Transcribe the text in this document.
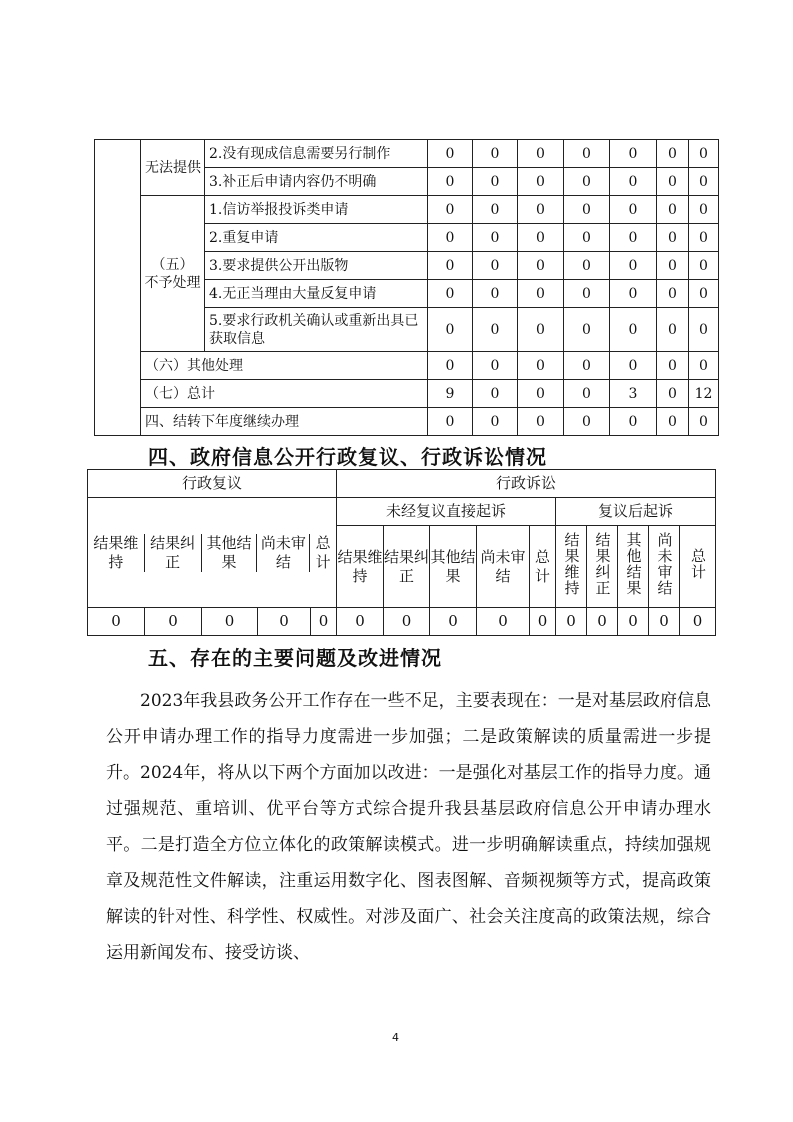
	无法提供	2.没有现成信息需要另行制作	0	0	0	0	0	0	0
		3.补正后申请内容仍不明确	0	0	0	0	0	0	0

	（五）
不予处理	1.信访举报投诉类申请	0	0	0	0	0	0	0
		2.重复申请	0	0	0	0	0	0	0
		3.要求提供公开出版物	0	0	0	0	0	0	0
		4.无正当理由大量反复申请	0	0	0	0	0	0	0
		5.要求行政机关确认或重新出具已获取信息	0	0	0	0	0	0	0
	（六）其他处理		0	0	0	0	0	0	0
	（七）总计		9	0	0	0	3	0	12
	四、结转下年度继续办理		0	0	0	0	0	0	0
四、政府信息公开行政复议、行政诉讼情况
行政复议	行政诉讼

结果维持	结果纠正	其他结果	尚未审结	总计
	未经复议直接起诉	复议后起诉
结果维持	结果纠正	其他结果	尚未审结	总计	结果维持	结果纠正	其他结果	尚未审结	总计
0	0	0	0	0	0	0	0	0	0	0	0	0	0	0
五、存在的主要问题及改进情况

2023年我县政务公开工作存在一些不足，主要表现在：一是对基层政府信息公开申请办理工作的指导力度需进一步加强；二是政策解读的质量需进一步提升。2024年，将从以下两个方面加以改进：一是强化对基层工作的指导力度。通过强规范、重培训、优平台等方式综合提升我县基层政府信息公开申请办理水平。二是打造全方位立体化的政策解读模式。进一步明确解读重点，持续加强规章及规范性文件解读，注重运用数字化、图表图解、音频视频等方式，提高政策解读的针对性、科学性、权威性。对涉及面广、社会关注度高的政策法规，综合运用新闻发布、接受访谈、

4
